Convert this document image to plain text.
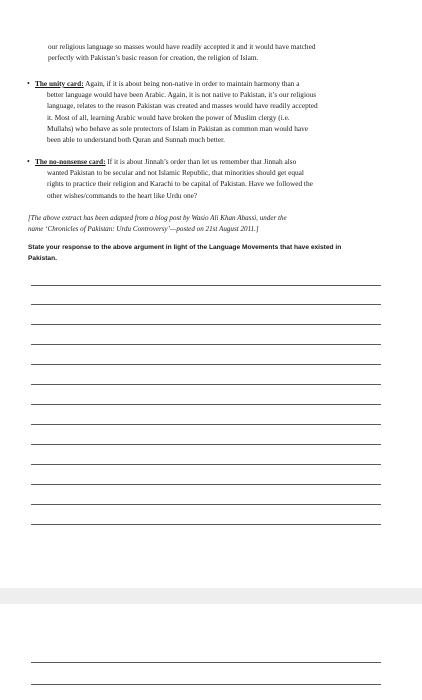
our religious language so masses would have readily accepted it and it would have matched
perfectly with Pakistan’s basic reason for creation, the religion of Islam.

• The unity card: Again, if it is about being non-native in order to maintain harmony than a
better language would have been Arabic. Again, it is not native to Pakistan, it’s our religious
language, relates to the reason Pakistan was created and masses would have readily accepted
it. Most of all, learning Arabic would have broken the power of Muslim clergy (i.e.
Mullahs) who behave as sole protectors of Islam in Pakistan as common man would have
been able to understand both Quran and Sunnah much better.
• The no-nonsense card: If it is about Jinnah’s order than let us remember that Jinnah also
wanted Pakistan to be secular and not Islamic Republic, that minorities should get equal
rights to practice their religion and Karachi to be capital of Pakistan. Have we followed the
other wishes/commands to the heart like Urdu one?
[The above extract has been adapted from a blog post by Wasio Ali Khan Abassi, under the
name ‘Chronicles of Pakistan: Urdu Controversy’—posted on 21st August 2011.]
State your response to the above argument in light of the Language Movements that have existed in
Pakistan.
